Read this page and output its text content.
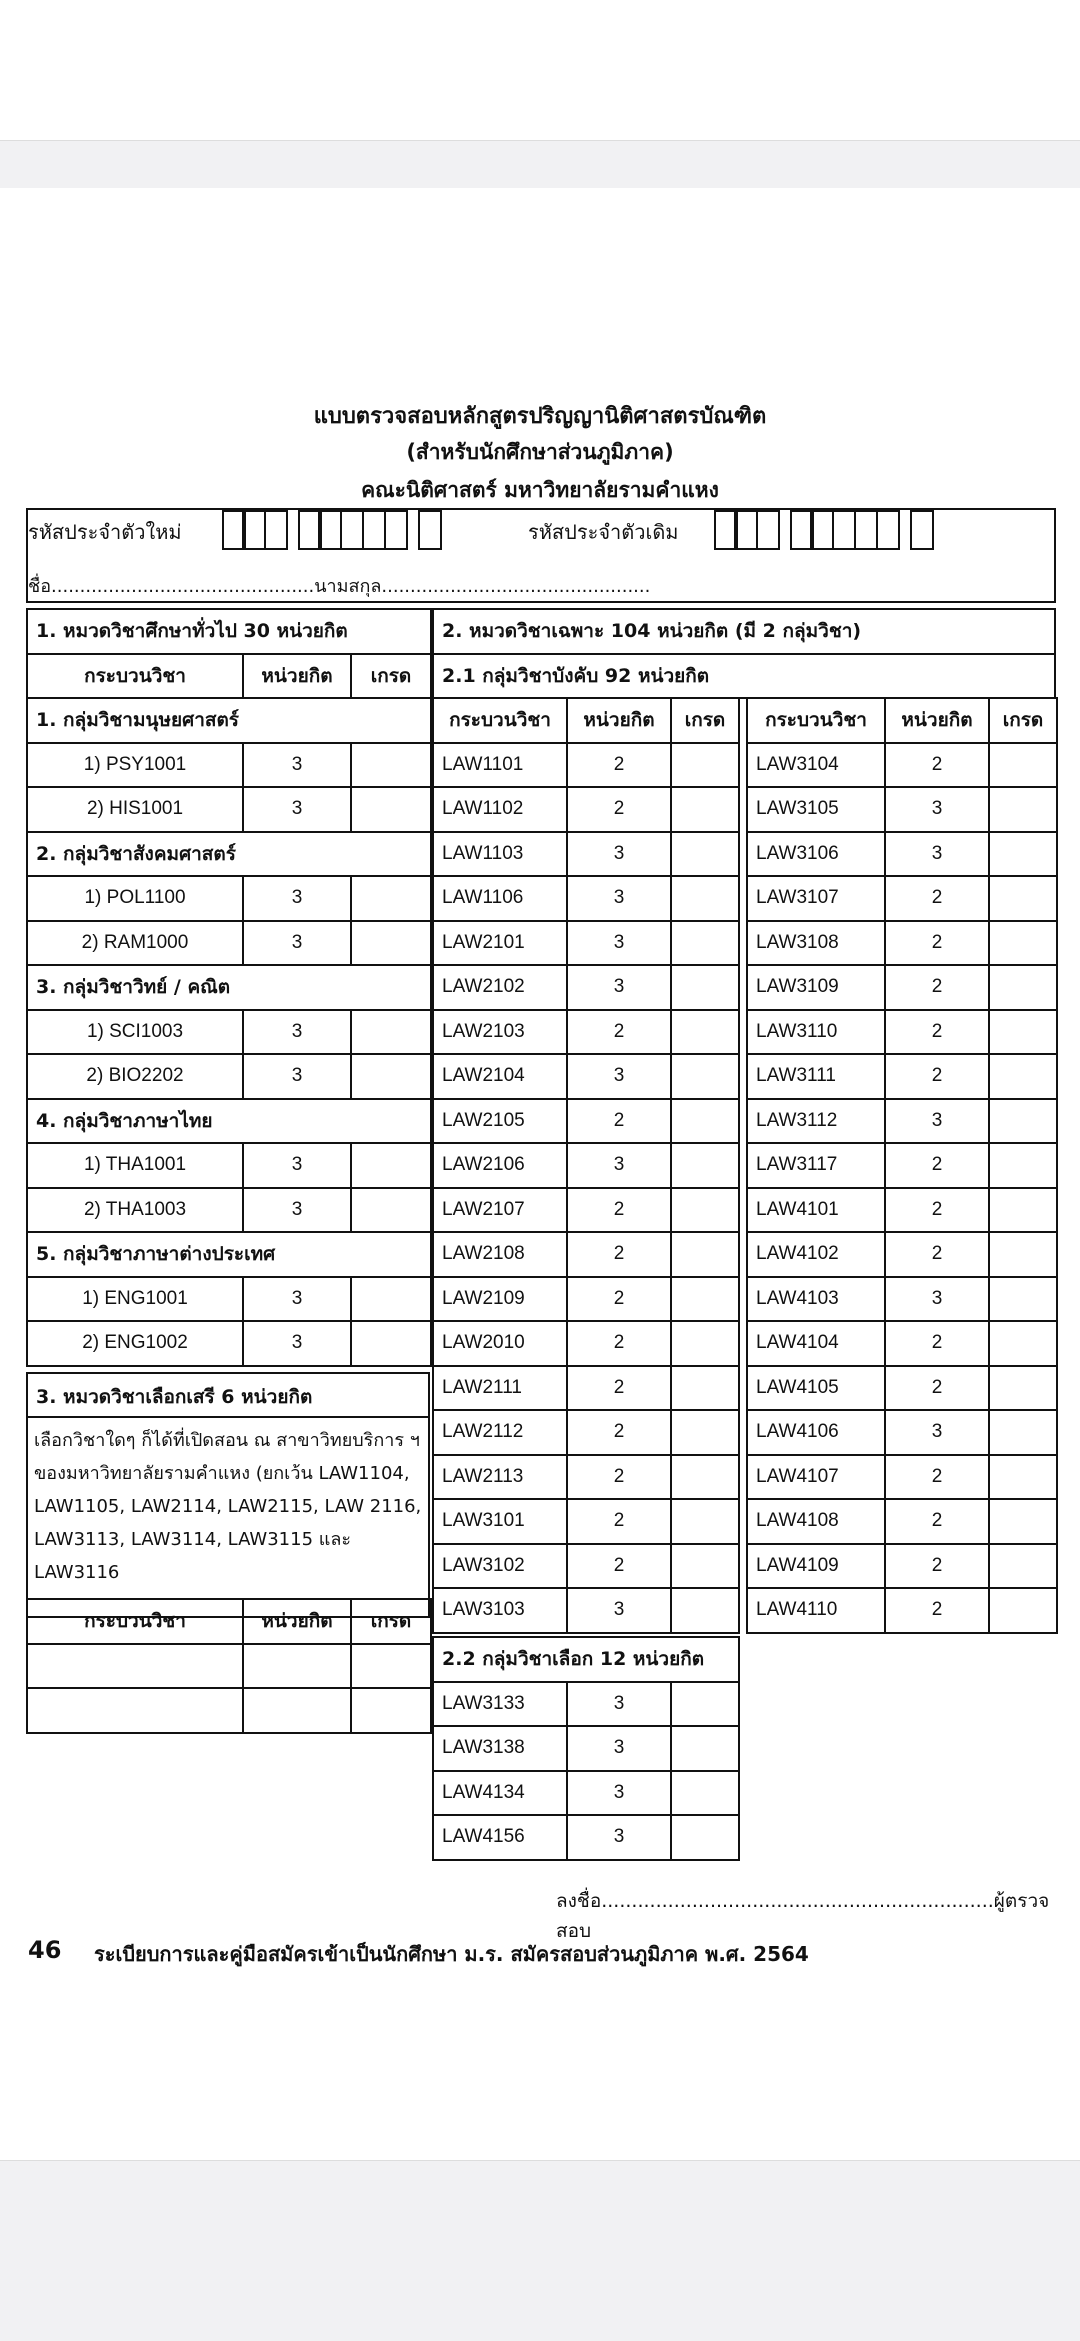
แบบตรวจสอบหลักสูตรปริญญานิติศาสตรบัณฑิต
(สำหรับนักศึกษาส่วนภูมิภาค)
คณะนิติศาสตร์ มหาวิทยาลัยรามคำแหง
รหัสประจำตัวใหม่	รหัสประจำตัวเดิม
ชื่อ..............................................นามสกุล...............................................
1. หมวดวิชาศึกษาทั่วไป 30 หน่วยกิต		
กระบวนวิชา	หน่วยกิต	เกรด
1. กลุ่มวิชามนุษยศาสตร์		
1) PSY1001	3	
2) HIS1001	3	
2. กลุ่มวิชาสังคมศาสตร์		
1) POL1100	3	
2) RAM1000	3	
3. กลุ่มวิชาวิทย์ / คณิต		
1) SCI1003	3	
2) BIO2202	3	
4. กลุ่มวิชาภาษาไทย		
1) THA1001	3	
2) THA1003	3	
5. กลุ่มวิชาภาษาต่างประเทศ		
1) ENG1001	3	
2) ENG1002	3	
3. หมวดวิชาเลือกเสรี 6 หน่วยกิต
เลือกวิชาใดๆ ก็ได้ที่เปิดสอน ณ สาขาวิทยบริการ ฯ ของมหาวิทยาลัยรามคำแหง (ยกเว้น LAW1104, LAW1105, LAW2114, LAW2115, LAW 2116, LAW3113, LAW3114, LAW3115 และ LAW3116
กระบวนวิชา	หน่วยกิต	เกรด

2. หมวดวิชาเฉพาะ 104 หน่วยกิต (มี 2 กลุ่มวิชา)
2.1 กลุ่มวิชาบังคับ 92 หน่วยกิต
กระบวนวิชา	หน่วยกิต	เกรด
LAW1101	2	
LAW1102	2	
LAW1103	3	
LAW1106	3	
LAW2101	3	
LAW2102	3	
LAW2103	2	
LAW2104	3	
LAW2105	2	
LAW2106	3	
LAW2107	2	
LAW2108	2	
LAW2109	2	
LAW2010	2	
LAW2111	2	
LAW2112	2	
LAW2113	2	
LAW3101	2	
LAW3102	2	
LAW3103	3	
กระบวนวิชา	หน่วยกิต	เกรด
LAW3104	2	
LAW3105	3	
LAW3106	3	
LAW3107	2	
LAW3108	2	
LAW3109	2	
LAW3110	2	
LAW3111	2	
LAW3112	3	
LAW3117	2	
LAW4101	2	
LAW4102	2	
LAW4103	3	
LAW4104	2	
LAW4105	2	
LAW4106	3	
LAW4107	2	
LAW4108	2	
LAW4109	2	
LAW4110	2	
2.2 กลุ่มวิชาเลือก 12 หน่วยกิต		
LAW3133	3	
LAW3138	3	
LAW4134	3	
LAW4156	3	
ลงชื่อ.................................................................ผู้ตรวจสอบ
46 ระเบียบการและคู่มือสมัครเข้าเป็นนักศึกษา ม.ร. สมัครสอบส่วนภูมิภาค พ.ศ. 2564
